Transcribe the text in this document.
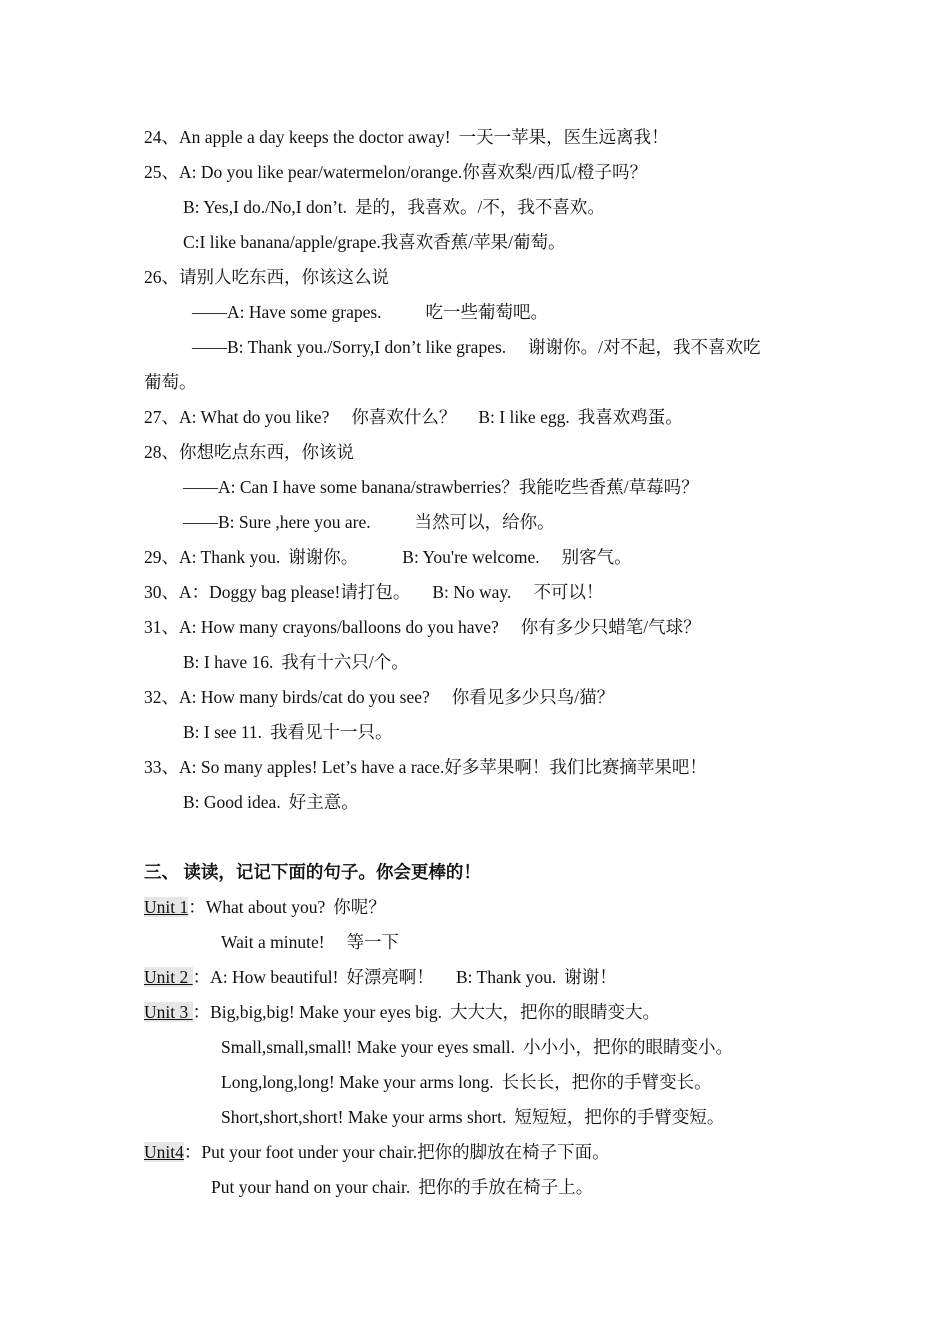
24、An apple a day keeps the doctor away! 一天一苹果，医生远离我！
25、A: Do you like pear/watermelon/orange.你喜欢梨/西瓜/橙子吗？
B: Yes,I do./No,I don’t. 是的，我喜欢。/不，我不喜欢。
C:I like banana/apple/grape.我喜欢香蕉/苹果/葡萄。
26、请别人吃东西，你该这么说
——A: Have some grapes.	吃一些葡萄吧。
——B: Thank you./Sorry,I don’t like grapes. 谢谢你。/对不起，我不喜欢吃
葡萄。
27、A: What do you like? 你喜欢什么？ B: I like egg. 我喜欢鸡蛋。
28、你想吃点东西，你该说
——A: Can I have some banana/strawberries？我能吃些香蕉/草莓吗？
——B: Sure ,here you are.	当然可以，给你。
29、A: Thank you. 谢谢你。	B: You're welcome. 别客气。
30、A：Doggy bag please!请打包。 B: No way. 不可以！
31、A: How many crayons/balloons do you have? 你有多少只蜡笔/气球？
B: I have 16. 我有十六只/个。
32、A: How many birds/cat do you see? 你看见多少只鸟/猫？
B: I see 11. 我看见十一只。
33、A: So many apples! Let’s have a race.好多苹果啊！我们比赛摘苹果吧！
B: Good idea. 好主意。
三、 读读，记记下面的句子。你会更棒的！
Unit 1：What about you? 你呢？
Wait a minute! 等一下
Unit 2 ：A: How beautiful! 好漂亮啊！ B: Thank you. 谢谢！
Unit 3 ：Big,big,big! Make your eyes big. 大大大，把你的眼睛变大。
Small,small,small! Make your eyes small. 小小小，把你的眼睛变小。
Long,long,long! Make your arms long. 长长长，把你的手臂变长。
Short,short,short! Make your arms short. 短短短，把你的手臂变短。
Unit4：Put your foot under your chair.把你的脚放在椅子下面。
Put your hand on your chair. 把你的手放在椅子上。
